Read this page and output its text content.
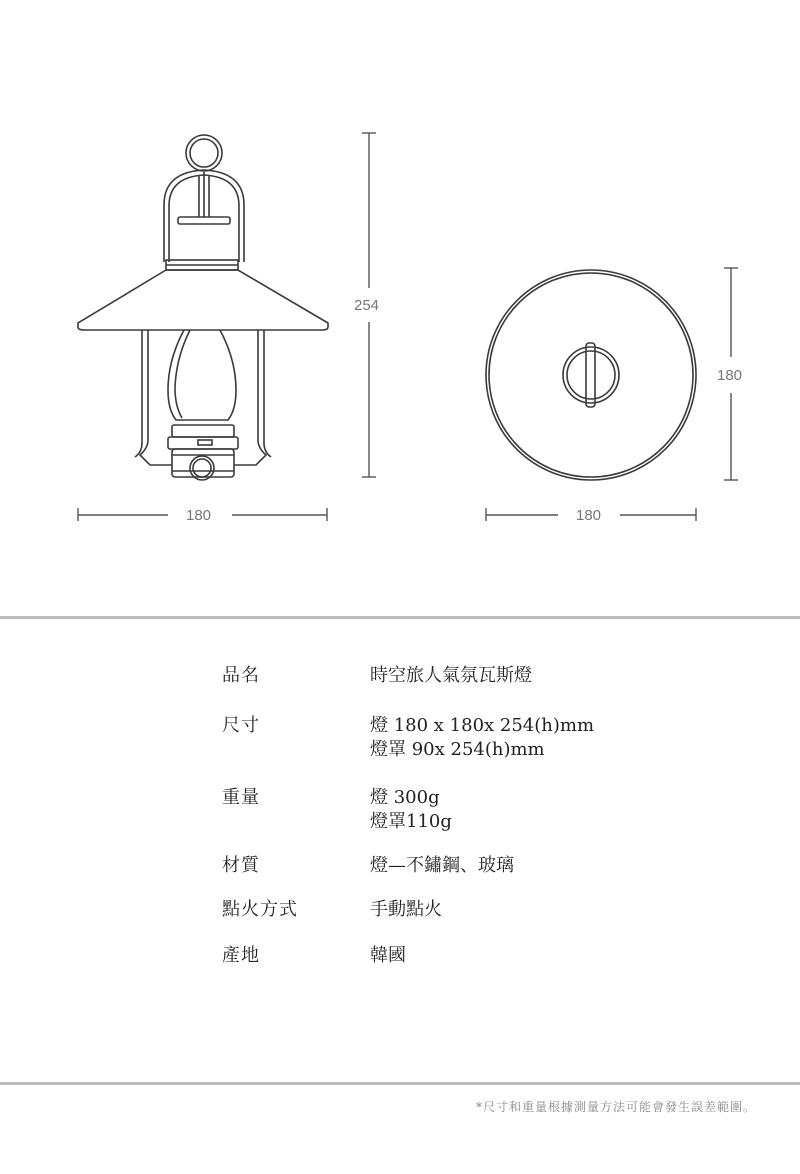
254
180
180
180
品名	時空旅人氣氛瓦斯燈
尺寸	燈 180 x 180x 254(h)mm
燈罩 90x 254(h)mm
重量	燈 300g
燈罩110g
材質	燈—不鏽鋼、玻璃
點火方式	手動點火
產地	韓國
*尺寸和重量根據測量方法可能會發生誤差範圍。
